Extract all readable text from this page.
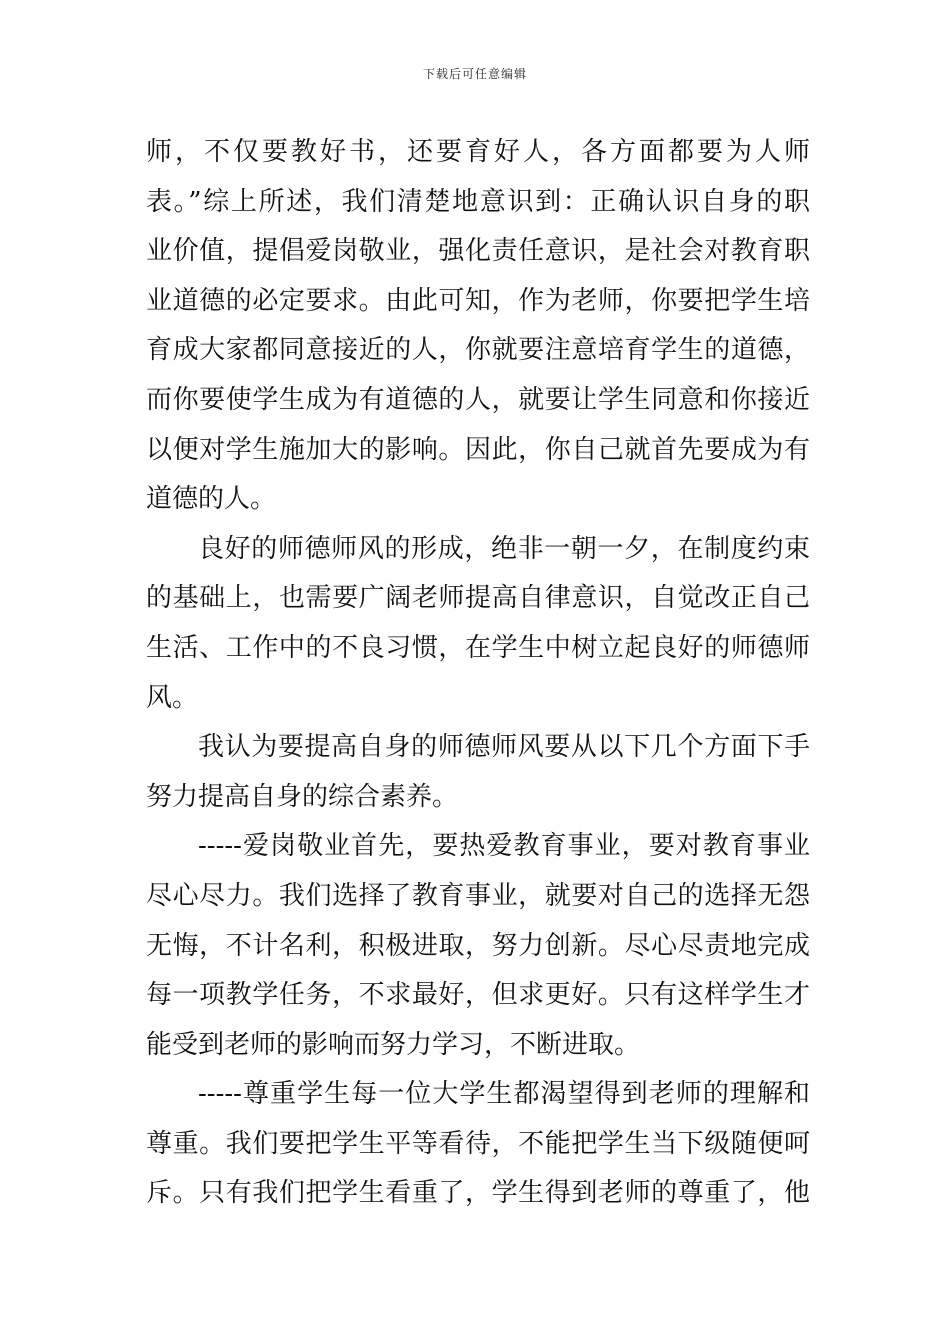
下载后可任意编辑
师，不仅要教好书，还要育好人，各方面都要为人师
表。”综上所述，我们清楚地意识到：正确认识自身的职
业价值，提倡爱岗敬业，强化责任意识，是社会对教育职
业道德的必定要求。由此可知，作为老师，你要把学生培
育成大家都同意接近的人，你就要注意培育学生的道德，
而你要使学生成为有道德的人，就要让学生同意和你接近
以便对学生施加大的影响。因此，你自己就首先要成为有
道德的人。
良好的师德师风的形成，绝非一朝一夕，在制度约束
的基础上，也需要广阔老师提高自律意识，自觉改正自己
生活、工作中的不良习惯，在学生中树立起良好的师德师
风。
我认为要提高自身的师德师风要从以下几个方面下手
努力提高自身的综合素养。
-----爱岗敬业首先，要热爱教育事业，要对教育事业
尽心尽力。我们选择了教育事业，就要对自己的选择无怨
无悔，不计名利，积极进取，努力创新。尽心尽责地完成
每一项教学任务，不求最好，但求更好。只有这样学生才
能受到老师的影响而努力学习，不断进取。
-----尊重学生每一位大学生都渴望得到老师的理解和
尊重。我们要把学生平等看待，不能把学生当下级随便呵
斥。只有我们把学生看重了，学生得到老师的尊重了，他
